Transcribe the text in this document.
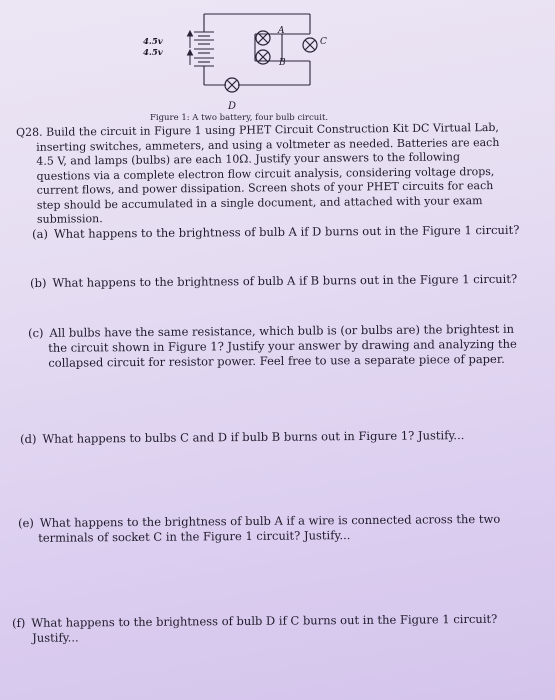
4.5v
4.5v
A
B
C
D
Figure 1: A two battery, four bulb circuit.
Q28. Build the circuit in Figure 1 using PHET Circuit Construction Kit DC Virtual Lab, inserting switches, ammeters, and using a voltmeter as needed. Batteries are each 4.5 V, and lamps (bulbs) are each 10Ω. Justify your answers to the following questions via a complete electron flow circuit analysis, considering voltage drops, current flows, and power dissipation. Screen shots of your PHET circuits for each step should be accumulated in a single document, and attached with your exam submission.
(a) What happens to the brightness of bulb A if D burns out in the Figure 1 circuit?
(b) What happens to the brightness of bulb A if B burns out in the Figure 1 circuit?
(c) All bulbs have the same resistance, which bulb is (or bulbs are) the brightest in the circuit shown in Figure 1? Justify your answer by drawing and analyzing the collapsed circuit for resistor power. Feel free to use a separate piece of paper.
(d) What happens to bulbs C and D if bulb B burns out in Figure 1? Justify...
(e) What happens to the brightness of bulb A if a wire is connected across the two terminals of socket C in the Figure 1 circuit? Justify...
(f) What happens to the brightness of bulb D if C burns out in the Figure 1 circuit? Justify...
